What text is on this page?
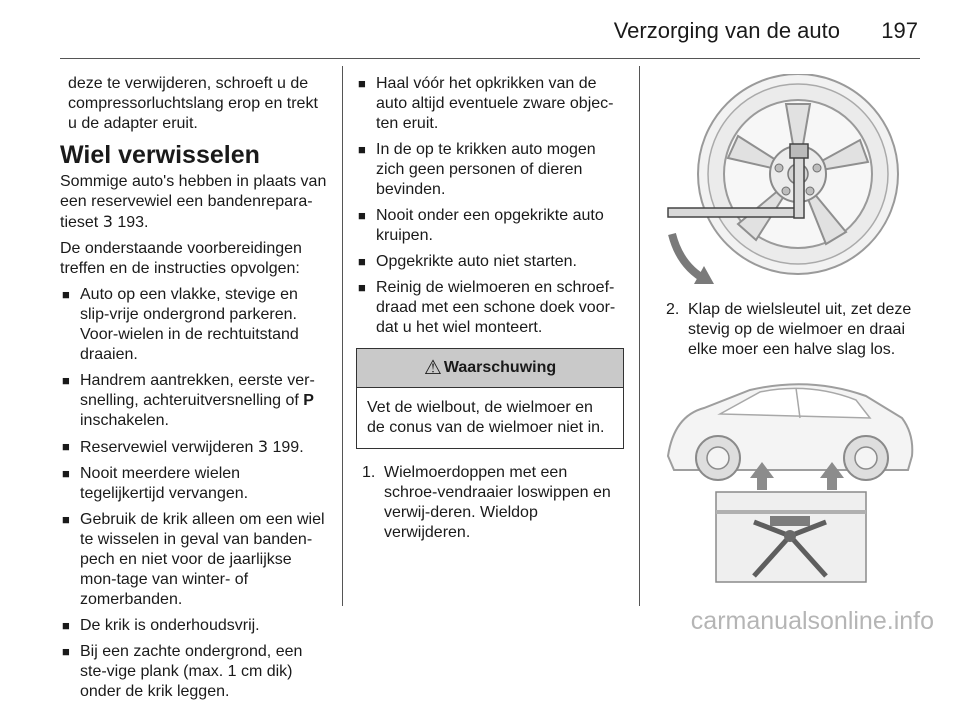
Verzorging van de auto 197

deze te verwijderen, schroeft u de compressorluchtslang erop en trekt u de adapter eruit.

Wiel verwisselen

Sommige auto's hebben in plaats van een reservewiel een bandenrepara-tieset 3 193.

De onderstaande voorbereidingen treffen en de instructies opvolgen:

■ Auto op een vlakke, stevige en slip-vrije ondergrond parkeren. Voor-wielen in de rechtuitstand draaien.
■ Handrem aantrekken, eerste ver-snelling, achteruitversnelling of P inschakelen.
■ Reservewiel verwijderen 3 199.
■ Nooit meerdere wielen tegelijkertijd vervangen.
■ Gebruik de krik alleen om een wiel te wisselen in geval van banden-pech en niet voor de jaarlijkse mon-tage van winter- of zomerbanden.
■ De krik is onderhoudsvrij.
■ Bij een zachte ondergrond, een ste-vige plank (max. 1 cm dik) onder de krik leggen.
■ Haal vóór het opkrikken van de auto altijd eventuele zware objec-ten eruit.
■ In de op te krikken auto mogen zich geen personen of dieren bevinden.
■ Nooit onder een opgekrikte auto kruipen.
■ Opgekrikte auto niet starten.
■ Reinig de wielmoeren en schroef-draad met een schone doek voor-dat u het wiel monteert.
⚠ Waarschuwing
Vet de wielbout, de wielmoer en de conus van de wielmoer niet in.
1. Wielmoerdoppen met een schroe-vendraaier loswippen en verwij-deren. Wieldop verwijderen.
2. Klap de wielsleutel uit, zet deze stevig op de wielmoer en draai elke moer een halve slag los.
carmanualsonline.info
